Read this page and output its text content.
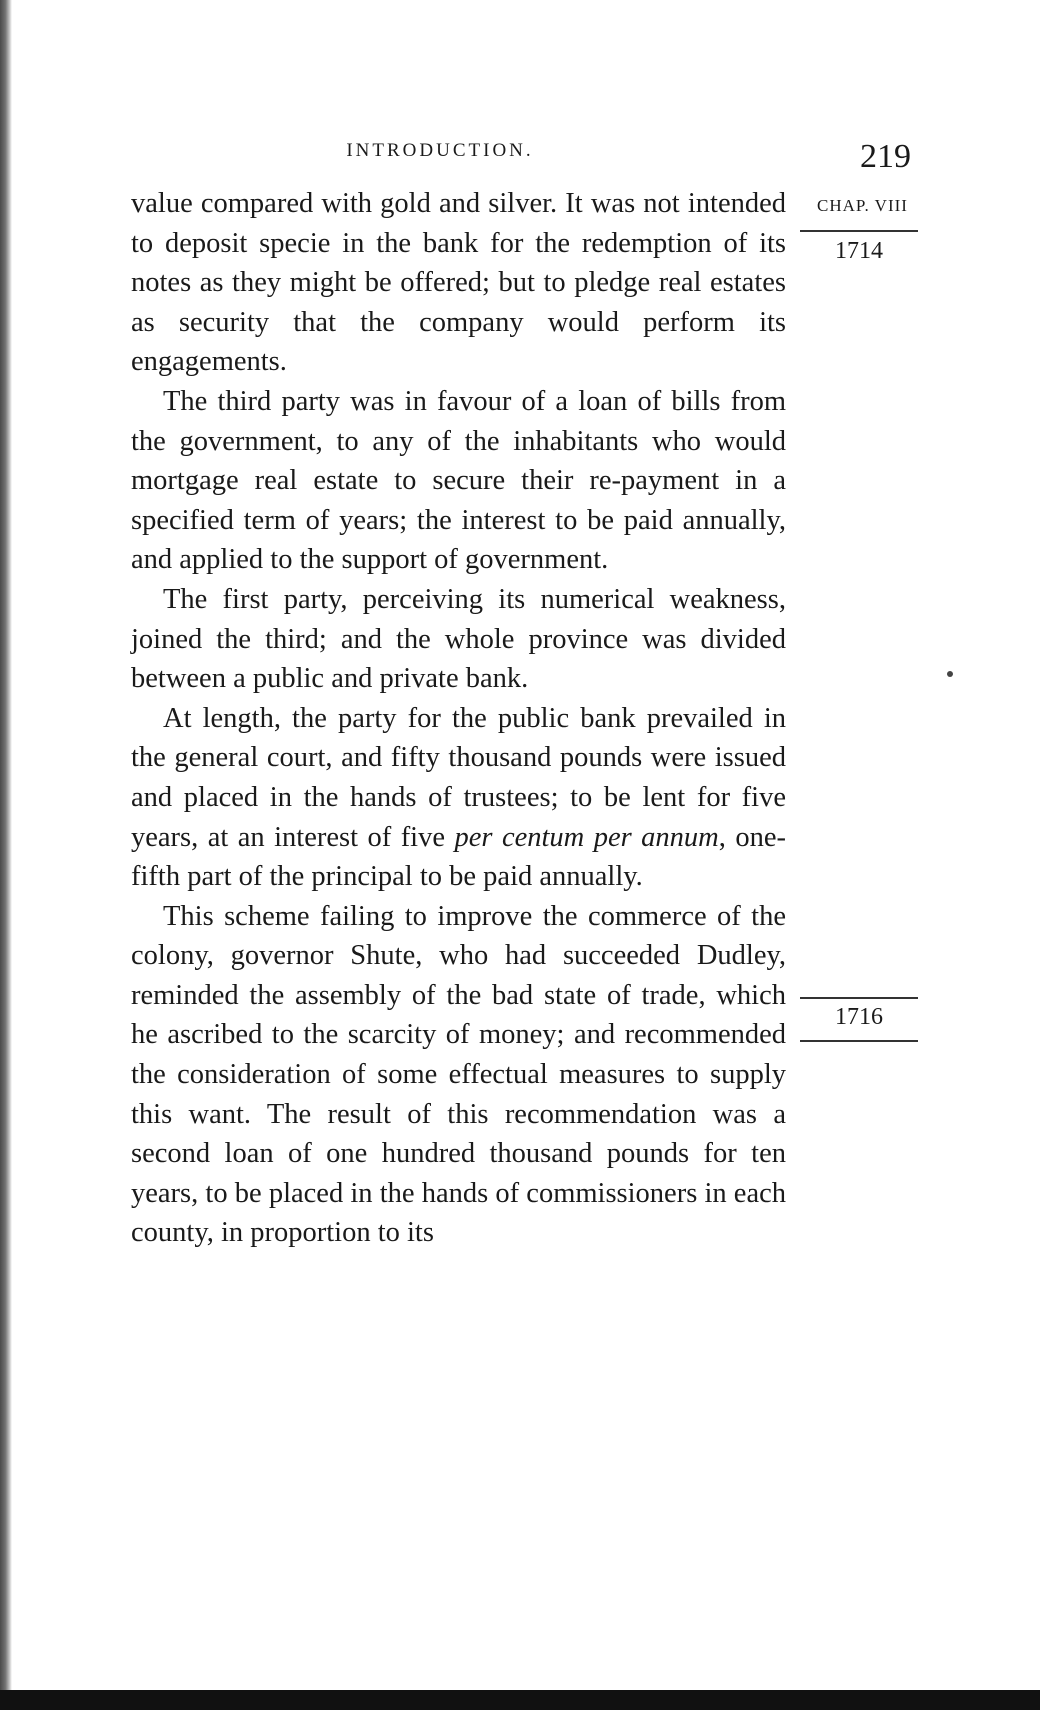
INTRODUCTION.	219

value compared with gold and silver. It was not intended to deposit specie in the bank for the redemption of its notes as they might be offered; but to pledge real estates as security that the company would perform its engagements.

The third party was in favour of a loan of bills from the government, to any of the inhabitants who would mortgage real estate to secure their re-payment in a specified term of years; the interest to be paid annually, and applied to the support of government.

The first party, perceiving its numerical weakness, joined the third; and the whole province was divided between a public and private bank.

At length, the party for the public bank prevailed in the general court, and fifty thousand pounds were issued and placed in the hands of trustees; to be lent for five years, at an interest of five per centum per annum, one-fifth part of the principal to be paid annually.

This scheme failing to improve the commerce of the colony, governor Shute, who had succeeded Dudley, reminded the assembly of the bad state of trade, which he ascribed to the scarcity of money; and recommended the consideration of some effectual measures to supply this want. The result of this recommendation was a second loan of one hundred thousand pounds for ten years, to be placed in the hands of commissioners in each county, in proportion to its

CHAP. VIII
1714
1716
